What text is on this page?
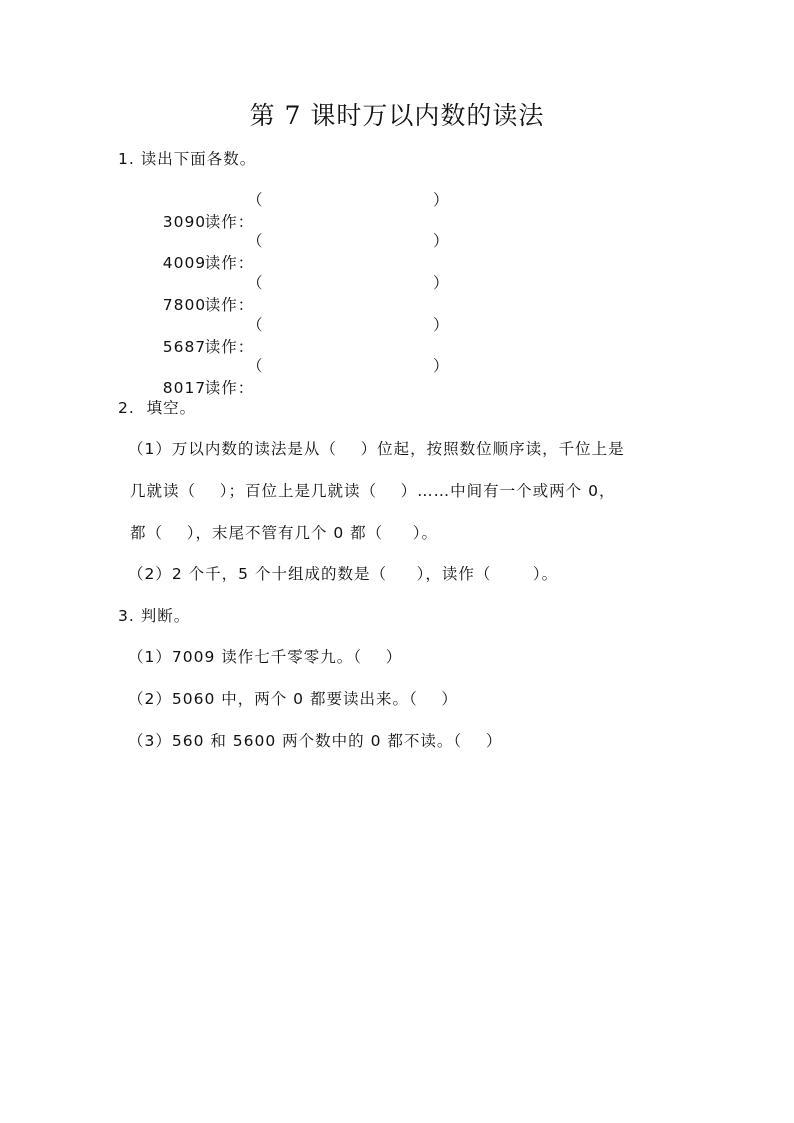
第 7 课时万以内数的读法
1. 读出下面各数。

3090读作：

（

	）

4009读作：

（

	）

7800读作：

（

	）

5687读作：

（

	）

8017读作：

（

	）

2.  填空。
（1）万以内数的读法是从（    ）位起，按照数位顺序读，千位上是
几就读（    ）；百位上是几就读（    ）……中间有一个或两个 0，
都（    ），末尾不管有几个 0 都（     ）。
（2）2 个千，5 个十组成的数是（     ），读作（       ）。
3. 判断。
（1）7009 读作七千零零九。（    ）
（2）5060 中，两个 0 都要读出来。（    ）
（3）560 和 5600 两个数中的 0 都不读。（    ）
